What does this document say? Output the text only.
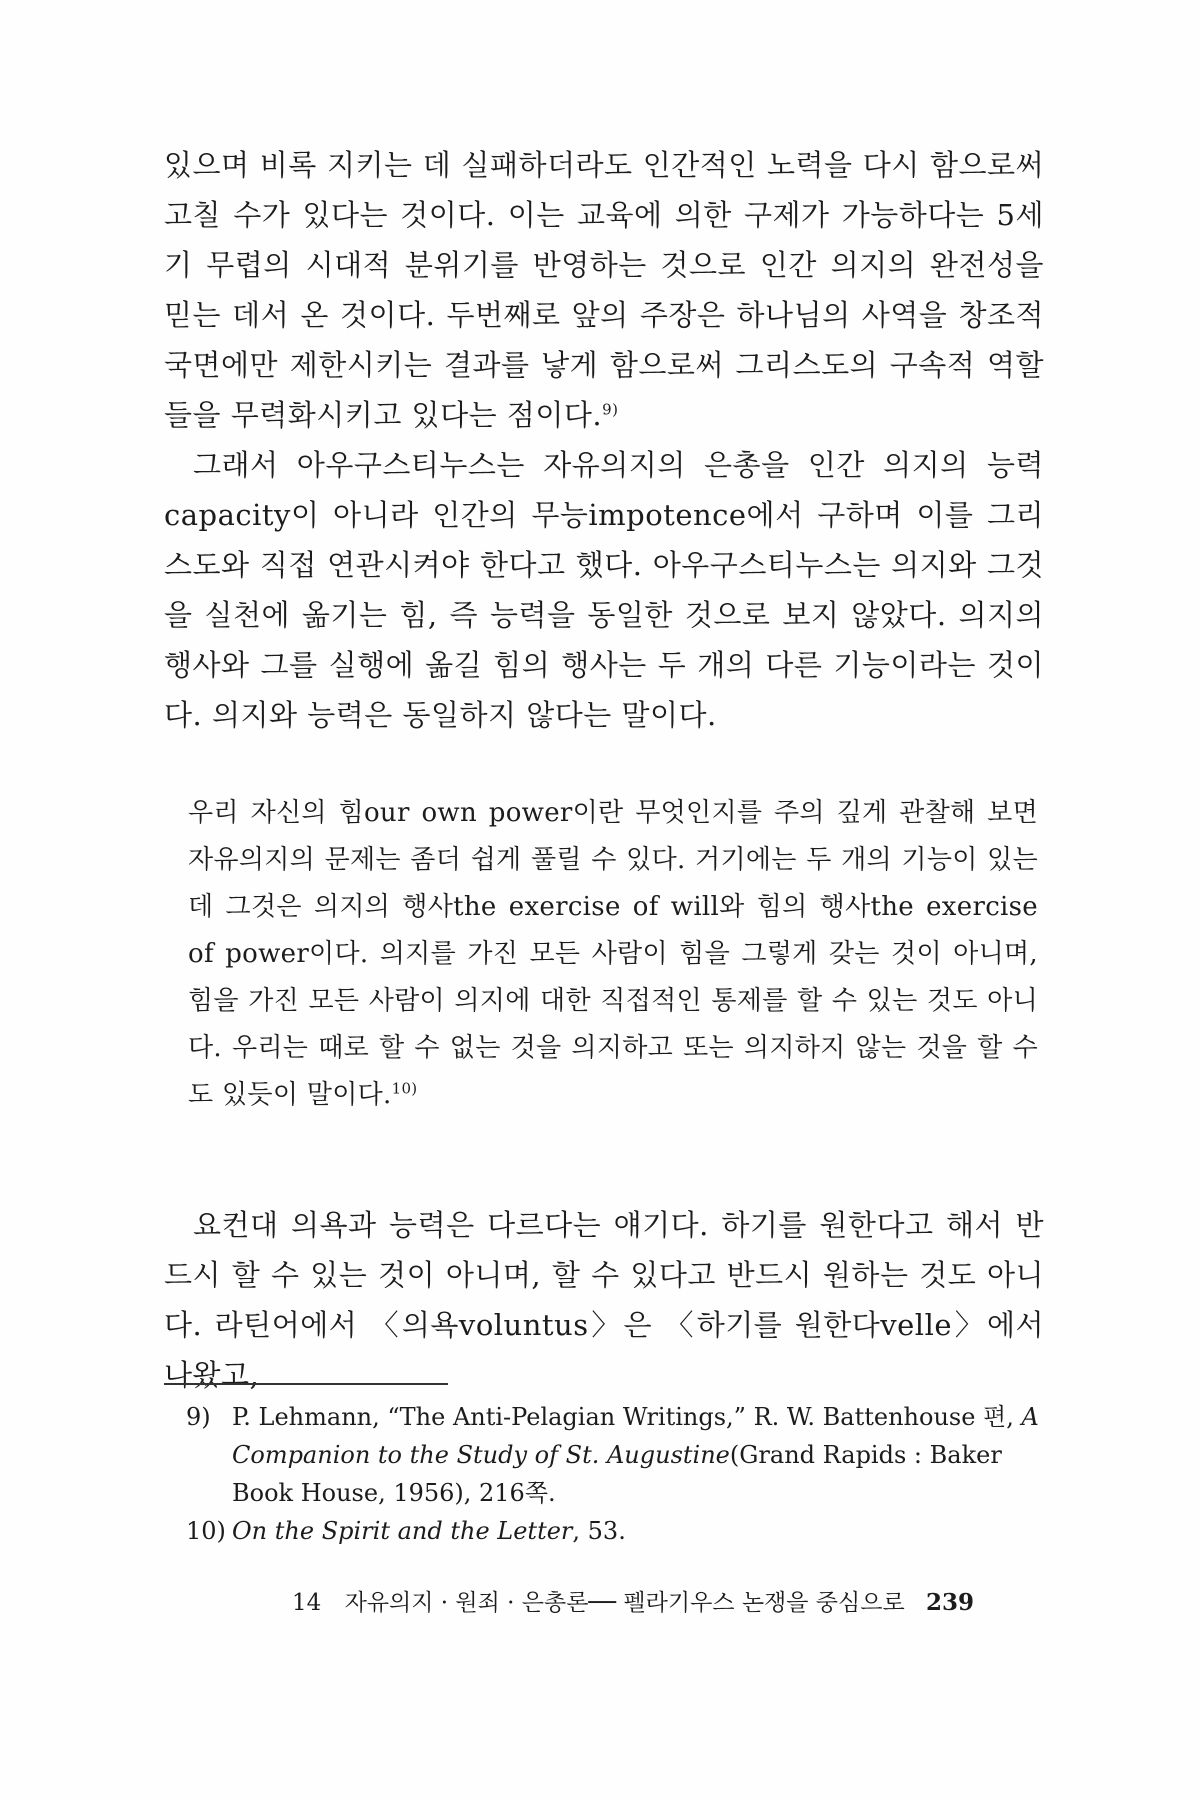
있으며 비록 지키는 데 실패하더라도 인간적인 노력을 다시 함으로써 고칠 수가 있다는 것이다. 이는 교육에 의한 구제가 가능하다는 5세기 무렵의 시대적 분위기를 반영하는 것으로 인간 의지의 완전성을 믿는 데서 온 것이다. 두번째로 앞의 주장은 하나님의 사역을 창조적 국면에만 제한시키는 결과를 낳게 함으로써 그리스도의 구속적 역할들을 무력화시키고 있다는 점이다.$^{9)}$

그래서 아우구스티누스는 자유의지의 은총을 인간 의지의 능력capacity이 아니라 인간의 무능impotence에서 구하며 이를 그리스도와 직접 연관시켜야 한다고 했다. 아우구스티누스는 의지와 그것을 실천에 옮기는 힘, 즉 능력을 동일한 것으로 보지 않았다. 의지의 행사와 그를 실행에 옮길 힘의 행사는 두 개의 다른 기능이라는 것이다. 의지와 능력은 동일하지 않다는 말이다.

우리 자신의 힘our own power이란 무엇인지를 주의 깊게 관찰해 보면 자유의지의 문제는 좀더 쉽게 풀릴 수 있다. 거기에는 두 개의 기능이 있는데 그것은 의지의 행사the exercise of will와 힘의 행사the exercise of power이다. 의지를 가진 모든 사람이 힘을 그렇게 갖는 것이 아니며, 힘을 가진 모든 사람이 의지에 대한 직접적인 통제를 할 수 있는 것도 아니다. 우리는 때로 할 수 없는 것을 의지하고 또는 의지하지 않는 것을 할 수도 있듯이 말이다.$^{10)}$

요컨대 의욕과 능력은 다르다는 얘기다. 하기를 원한다고 해서 반드시 할 수 있는 것이 아니며, 할 수 있다고 반드시 원하는 것도 아니다. 라틴어에서 〈의욕voluntus〉은 〈하기를 원한다velle〉에서 나왔고,

9) P. Lehmann, “The Anti-Pelagian Writings,” R. W. Battenhouse 편, A Companion to the Study of St. Augustine(Grand Rapids : Baker Book House, 1956), 216쪽.

10) On the Spirit and the Letter, 53.

14 자유의지 · 원죄 · 은총론── 펠라기우스 논쟁을 중심으로 239
